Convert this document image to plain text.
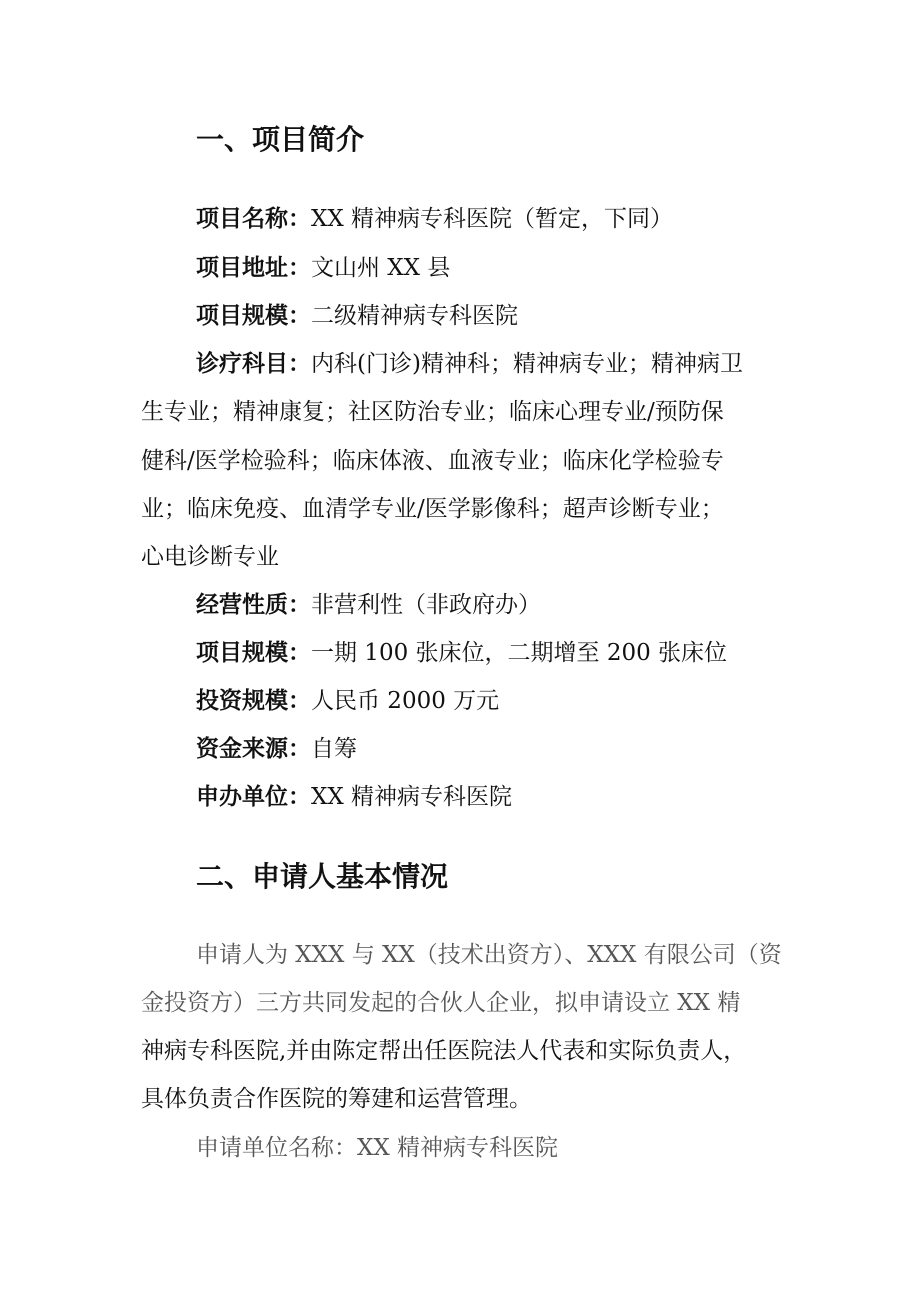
一、项目简介
项目名称：XX 精神病专科医院（暂定，下同）
项目地址：文山州 XX 县
项目规模：二级精神病专科医院
诊疗科目：内科(门诊)精神科；精神病专业；精神病卫
生专业；精神康复；社区防治专业；临床心理专业/预防保
健科/医学检验科；临床体液、血液专业；临床化学检验专
业；临床免疫、血清学专业/医学影像科；超声诊断专业；
心电诊断专业
经营性质：非营利性（非政府办）
项目规模：一期 100 张床位，二期增至 200 张床位
投资规模：人民币 2000 万元
资金来源：自筹
申办单位：XX 精神病专科医院
二、申请人基本情况
申请人为 XXX 与 XX（技术出资方）、XXX 有限公司（资
金投资方）三方共同发起的合伙人企业，拟申请设立 XX 精
神病专科医院,并由陈定帮出任医院法人代表和实际负责人，
具体负责合作医院的筹建和运营管理。
申请单位名称：XX 精神病专科医院
